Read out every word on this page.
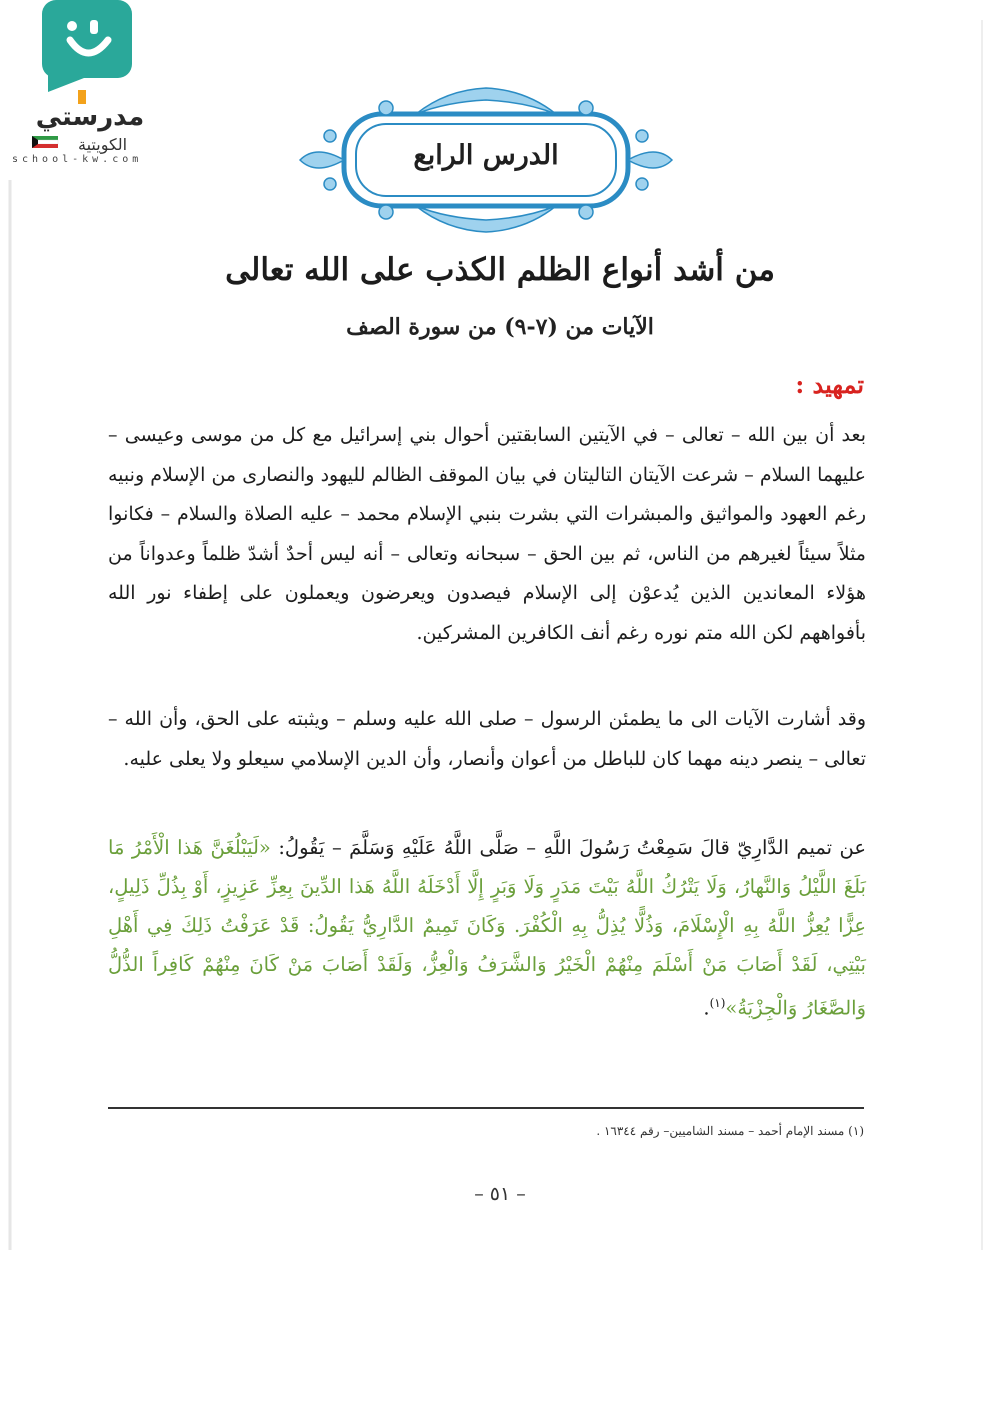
مدرستي
الكويتية
school-kw.com	الدرس الرابع
من أشد أنواع الظلم الكذب على الله تعالى
الآيات من (٧-٩) من سورة الصف
تمهيد :
بعد أن بين الله – تعالى – في الآيتين السابقتين أحوال بني إسرائيل مع كل من موسى وعيسى – عليهما السلام – شرعت الآيتان التاليتان في بيان الموقف الظالم لليهود والنصارى من الإسلام ونبيه رغم العهود والمواثيق والمبشرات التي بشرت بنبي الإسلام محمد – عليه الصلاة والسلام – فكانوا مثلاً سيئاً لغيرهم من الناس، ثم بين الحق – سبحانه وتعالى – أنه ليس أحدٌ أشدّ ظلماً وعدواناً من هؤلاء المعاندين الذين يُدعوْن إلى الإسلام فيصدون ويعرضون ويعملون على إطفاء نور الله بأفواههم لكن الله متم نوره رغم أنف الكافرين المشركين.
وقد أشارت الآيات الى ما يطمئن الرسول – صلى الله عليه وسلم – ويثبته على الحق، وأن الله – تعالى – ينصر دينه مهما كان للباطل من أعوان وأنصار، وأن الدين الإسلامي سيعلو ولا يعلى عليه.
عن تميم الدَّارِيّ قالَ سَمِعْتُ رَسُولَ اللَّهِ – صَلَّى اللَّهُ عَلَيْهِ وَسَلَّمَ – يَقُولُ: «لَيَبْلُغَنَّ هَذا الْأَمْرُ مَا بَلَغَ اللَّيْلُ وَالنَّهارُ، وَلَا يَتْرُكُ اللَّهُ بَيْتَ مَدَرٍ وَلَا وَبَرٍ إِلَّا أَدْخَلَهُ اللَّهُ هَذا الدِّينَ بِعِزِّ عَزِيزٍ، أَوْ بِذُلِّ ذَلِيلٍ، عِزًّا يُعِزُّ اللَّهُ بِهِ الْإِسْلَامَ، وَذُلًّا يُذِلُّ بِهِ الْكُفْرَ. وَكَانَ تَمِيمٌ الدَّارِيُّ يَقُولُ: قَدْ عَرَفْتُ ذَلِكَ فِي أَهْلِ بَيْتِي، لَقَدْ أَصَابَ مَنْ أَسْلَمَ مِنْهُمْ الْخَيْرُ وَالشَّرَفُ وَالْعِزُّ، وَلَقَدْ أَصَابَ مَنْ كَانَ مِنْهُمْ كَافِراً الذُّلُّ وَالصَّغَارُ وَالْجِزْيَةُ»$^{(١)}$.
(١) مسند الإمام أحمد – مسند الشاميين– رقم ١٦٣٤٤ .
– ٥١ –
